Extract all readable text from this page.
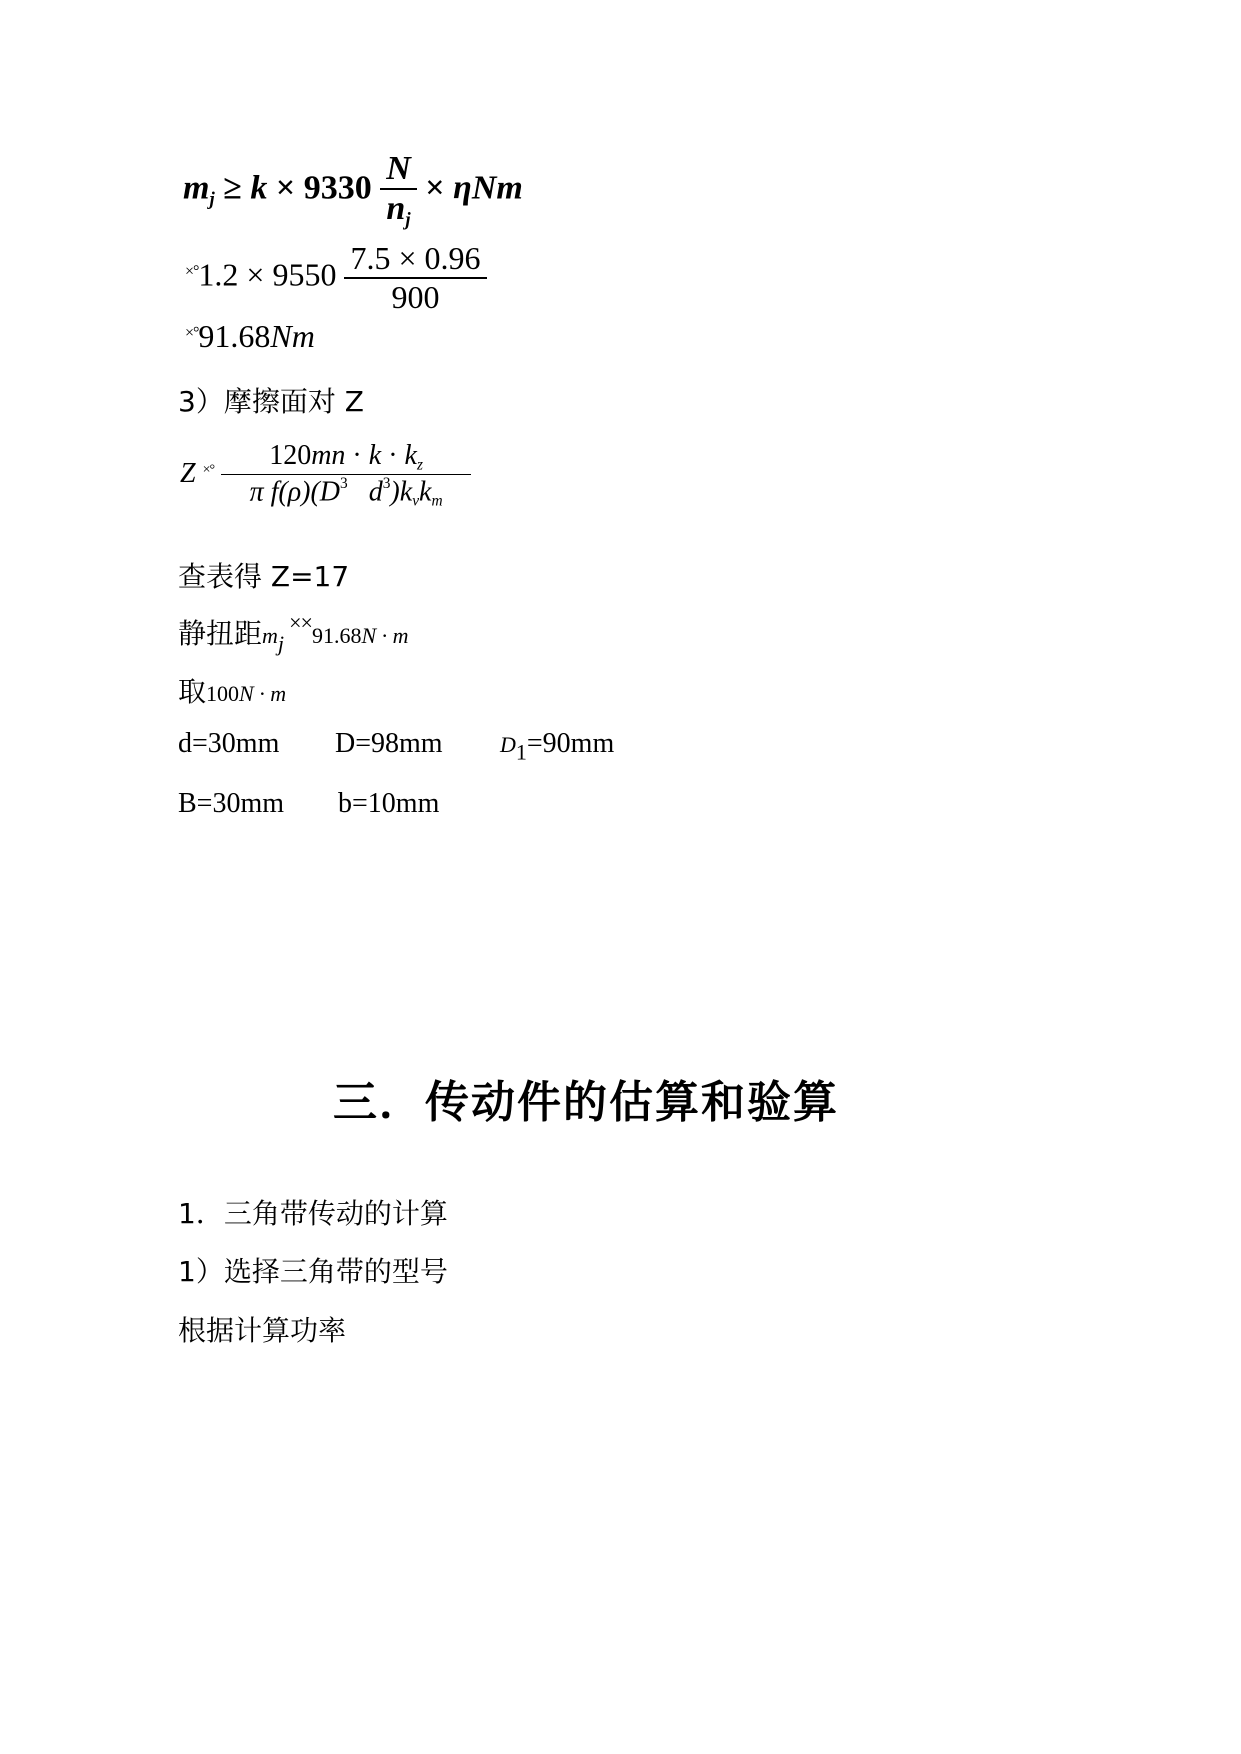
$m_j \ge k \times 9330 \frac{N}{n_j} \times \eta Nm$
$^{\times^\circ}1.2 \times 9550 \frac{7.5 \times 0.96}{900}$
×°91.68Nm
3）摩擦面对 Z
Z $^{\times^\circ} \frac{120mn \cdot k \cdot k_z}{\pi f(\rho)(D^3 d^3)k_vk_m}$
查表得 Z=17
静扭距mj ××91.68N · m
取100N · m
d=30mm D=98mm	D1=90mm
B=30mm b=10mm
三．传动件的估算和验算
1．三角带传动的计算
1）选择三角带的型号
根据计算功率
